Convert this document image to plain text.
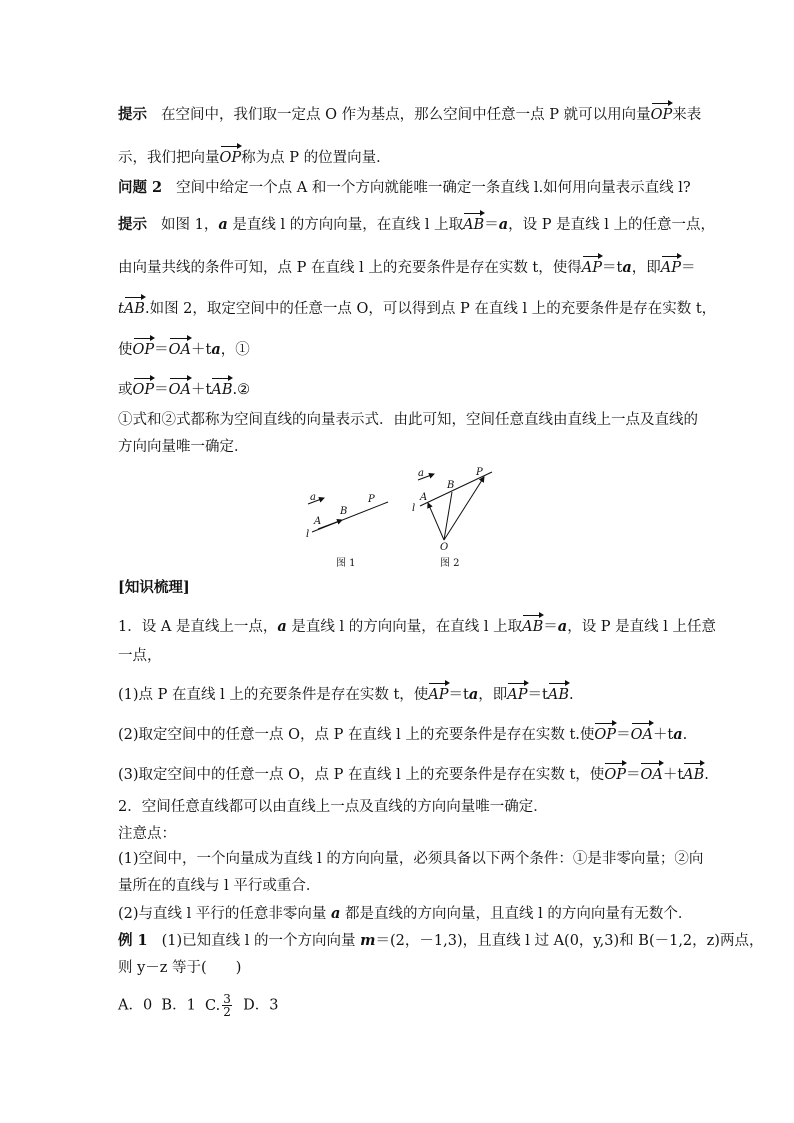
提示 在空间中，我们取一定点 O 作为基点，那么空间中任意一点 P 就可以用向量OP来表
示，我们把向量OP称为点 P 的位置向量．
问题 2 空间中给定一个点 A 和一个方向就能唯一确定一条直线 l.如何用向量表示直线 l?
提示 如图 1，a 是直线 l 的方向向量，在直线 l 上取AB＝a，设 P 是直线 l 上的任意一点，
由向量共线的条件可知，点 P 在直线 l 上的充要条件是存在实数 t，使得AP＝ta，即AP＝
tAB.如图 2，取定空间中的任意一点 O，可以得到点 P 在直线 l 上的充要条件是存在实数 t，
使OP＝OA＋ta，①
或OP＝OA＋tAB.②
①式和②式都称为空间直线的向量表示式．由此可知，空间任意直线由直线上一点及直线的
方向向量唯一确定．
a
A
B
P
l
图 1
a
A
B
P
l
O
图 2
[知识梳理]
1．设 A 是直线上一点，a 是直线 l 的方向向量，在直线 l 上取AB＝a，设 P 是直线 l 上任意
一点，
(1)点 P 在直线 l 上的充要条件是存在实数 t，使AP＝ta，即AP＝tAB.
(2)取定空间中的任意一点 O，点 P 在直线 l 上的充要条件是存在实数 t.使OP＝OA＋ta.
(3)取定空间中的任意一点 O，点 P 在直线 l 上的充要条件是存在实数 t，使OP＝OA＋tAB.
2．空间任意直线都可以由直线上一点及直线的方向向量唯一确定．
注意点：
(1)空间中，一个向量成为直线 l 的方向向量，必须具备以下两个条件：①是非零向量；②向
量所在的直线与 l 平行或重合．
(2)与直线 l 平行的任意非零向量 a 都是直线的方向向量，且直线 l 的方向向量有无数个．
例 1 (1)已知直线 l 的一个方向向量 m＝(2，－1,3)，且直线 l 过 A(0，y,3)和 B(－1,2，z)两点，
则 y－z 等于(　　)
A．0 B．1 C. $\frac{3}{2}$ D．3
